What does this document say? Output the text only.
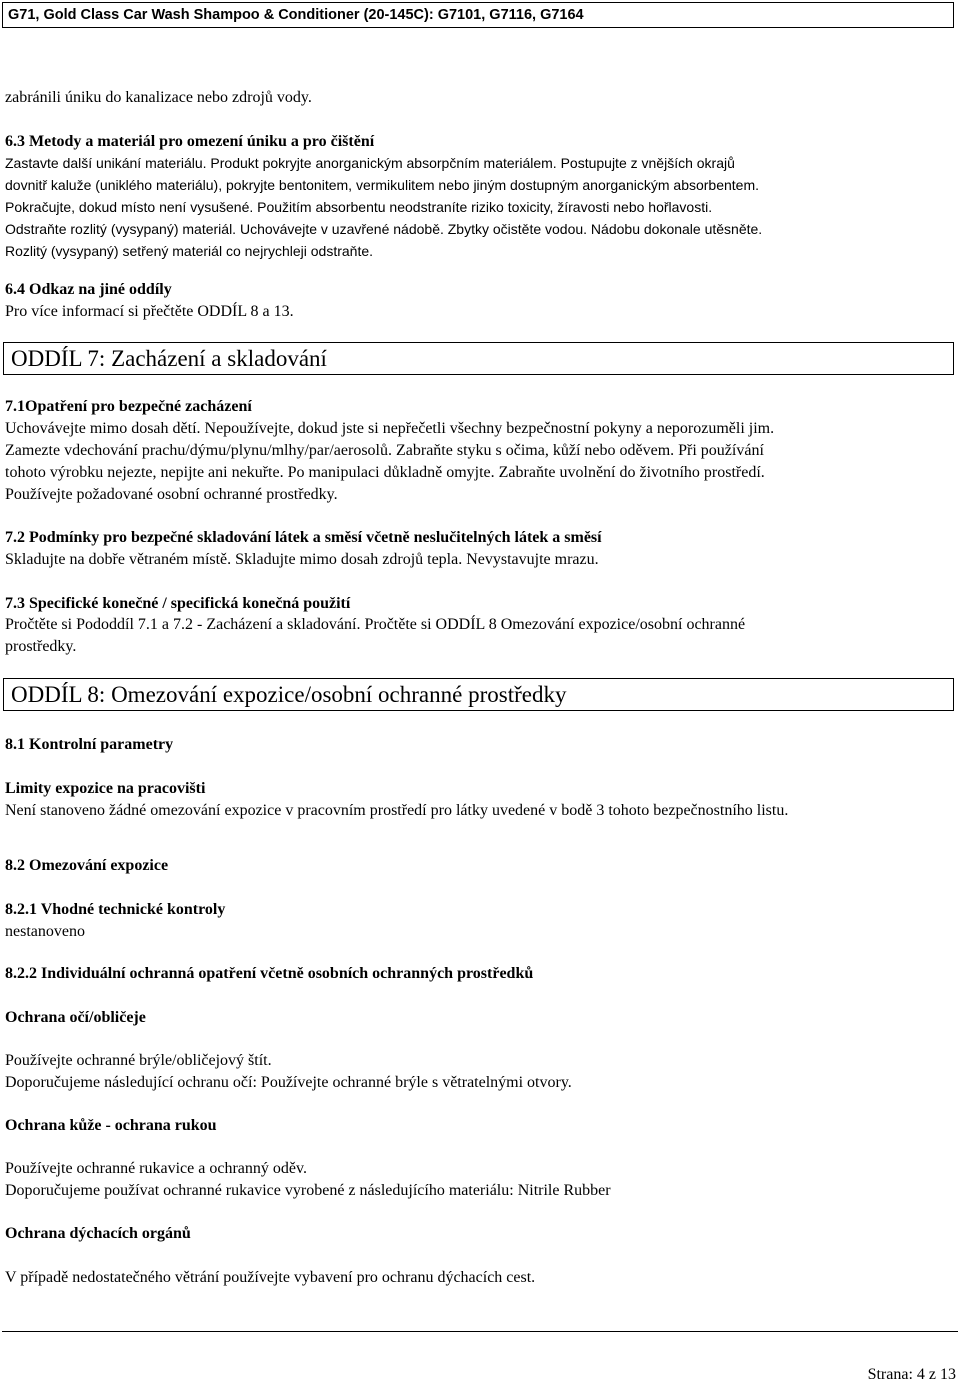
G71, Gold Class Car Wash Shampoo & Conditioner (20-145C): G7101, G7116, G7164
zabránili úniku do kanalizace nebo zdrojů vody.
6.3 Metody a materiál pro omezení úniku a pro čištění
Zastavte další unikání materiálu. Produkt pokryjte anorganickým absorpčním materiálem. Postupujte z vnějších okrajů
dovnitř kaluže (uniklého materiálu), pokryjte bentonitem, vermikulitem nebo jiným dostupným anorganickým absorbentem.
Pokračujte, dokud místo není vysušené. Použitím absorbentu neodstraníte riziko toxicity, žíravosti nebo hořlavosti.
Odstraňte rozlitý (vysypaný) materiál. Uchovávejte v uzavřené nádobě. Zbytky očistěte vodou. Nádobu dokonale utěsněte.
Rozlitý (vysypaný) setřený materiál co nejrychleji odstraňte.
6.4 Odkaz na jiné oddíly
Pro více informací si přečtěte ODDÍL 8 a 13.
ODDÍL 7: Zacházení a skladování
7.1Opatření pro bezpečné zacházení
Uchovávejte mimo dosah dětí. Nepoužívejte, dokud jste si nepřečetli všechny bezpečnostní pokyny a neporozuměli jim.
Zamezte vdechování prachu/dýmu/plynu/mlhy/par/aerosolů. Zabraňte styku s očima, kůží nebo oděvem. Při používání
tohoto výrobku nejezte, nepijte ani nekuřte. Po manipulaci důkladně omyjte. Zabraňte uvolnění do životního prostředí.
Používejte požadované osobní ochranné prostředky.
7.2 Podmínky pro bezpečné skladování látek a směsí včetně neslučitelných látek a směsí
Skladujte na dobře větraném místě. Skladujte mimo dosah zdrojů tepla. Nevystavujte mrazu.
7.3 Specifické konečné / specifická konečná použití
Pročtěte si Pododdíl 7.1 a 7.2 - Zacházení a skladování. Pročtěte si ODDÍL 8 Omezování expozice/osobní ochranné
prostředky.
ODDÍL 8: Omezování expozice/osobní ochranné prostředky
8.1 Kontrolní parametry
Limity expozice na pracovišti
Není stanoveno žádné omezování expozice v pracovním prostředí pro látky uvedené v bodě 3 tohoto bezpečnostního listu.
8.2 Omezování expozice
8.2.1 Vhodné technické kontroly
nestanoveno
8.2.2 Individuální ochranná opatření včetně osobních ochranných prostředků
Ochrana očí/obličeje
Používejte ochranné brýle/obličejový štít.
Doporučujeme následující ochranu očí: Používejte ochranné brýle s větratelnými otvory.
Ochrana kůže - ochrana rukou
Používejte ochranné rukavice a ochranný oděv.
Doporučujeme používat ochranné rukavice vyrobené z následujícího materiálu: Nitrile Rubber
Ochrana dýchacích orgánů
V případě nedostatečného větrání používejte vybavení pro ochranu dýchacích cest.
Strana: 4 z 13
